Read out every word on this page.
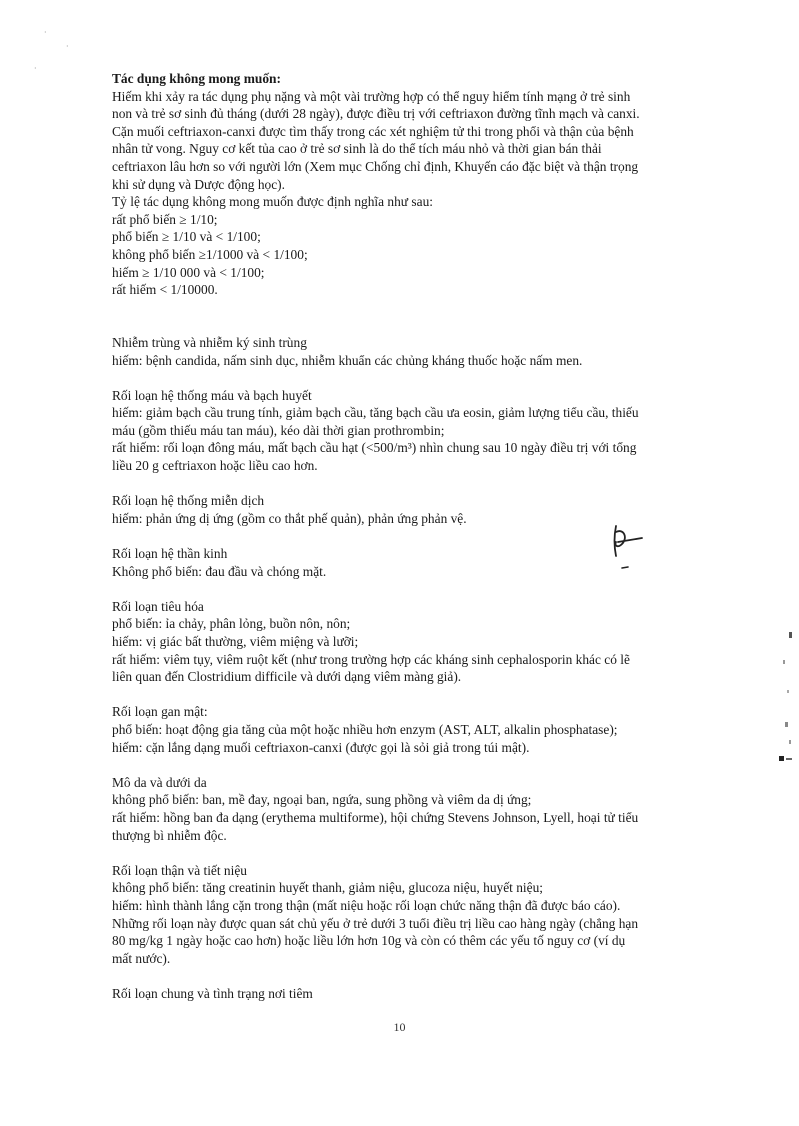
·
·
·
Tác dụng không mong muốn:
Hiếm khi xảy ra tác dụng phụ nặng và một vài trường hợp có thể nguy hiểm tính mạng ở trẻ sinh
non và trẻ sơ sinh đủ tháng (dưới 28 ngày), được điều trị với ceftriaxon đường tĩnh mạch và canxi.
Cặn muối ceftriaxon-canxi được tìm thấy trong các xét nghiệm tử thi trong phổi và thận của bệnh
nhân tử vong. Nguy cơ kết tủa cao ở trẻ sơ sinh là do thể tích máu nhỏ và thời gian bán thải
ceftriaxon lâu hơn so với người lớn (Xem mục Chống chỉ định, Khuyến cáo đặc biệt và thận trọng
khi sử dụng và Dược động học).
Tỷ lệ tác dụng không mong muốn được định nghĩa như sau:
rất phổ biến ≥ 1/10;
phổ biến ≥ 1/10 và < 1/100;
không phổ biến ≥1/1000 và < 1/100;
hiếm ≥ 1/10 000 và < 1/100;
rất hiếm < 1/10000.
Nhiễm trùng và nhiễm ký sinh trùng
hiếm: bệnh candida, nấm sinh dục, nhiễm khuẩn các chủng kháng thuốc hoặc nấm men.
Rối loạn hệ thống máu và bạch huyết
hiếm: giảm bạch cầu trung tính, giảm bạch cầu, tăng bạch cầu ưa eosin, giảm lượng tiểu cầu, thiếu
máu (gồm thiếu máu tan máu), kéo dài thời gian prothrombin;
rất hiếm: rối loạn đông máu, mất bạch cầu hạt (<500/m³) nhìn chung sau 10 ngày điều trị với tổng
liều 20 g ceftriaxon hoặc liều cao hơn.
Rối loạn hệ thống miễn dịch
hiếm: phản ứng dị ứng (gồm co thắt phế quản), phản ứng phản vệ.
Rối loạn hệ thần kinh
Không phổ biến: đau đầu và chóng mặt.
Rối loạn tiêu hóa
phổ biến: ỉa chảy, phân lỏng, buồn nôn, nôn;
hiếm: vị giác bất thường, viêm miệng và lưỡi;
rất hiếm: viêm tụy, viêm ruột kết (như trong trường hợp các kháng sinh cephalosporin khác có lẽ
liên quan đến Clostridium difficile và dưới dạng viêm màng giả).
Rối loạn gan mật:
phổ biến: hoạt động gia tăng của một hoặc nhiều hơn enzym (AST, ALT, alkalin phosphatase);
hiếm: cặn lắng dạng muối ceftriaxon-canxi (được gọi là sỏi giả trong túi mật).
Mô da và dưới da
không phổ biến: ban, mề đay, ngoại ban, ngứa, sung phồng và viêm da dị ứng;
rất hiếm: hồng ban đa dạng (erythema multiforme), hội chứng Stevens Johnson, Lyell, hoại tử tiểu
thượng bì nhiễm độc.
Rối loạn thận và tiết niệu
không phổ biến: tăng creatinin huyết thanh, giảm niệu, glucoza niệu, huyết niệu;
hiếm: hình thành lắng cặn trong thận (mất niệu hoặc rối loạn chức năng thận đã được báo cáo).
Những rối loạn này được quan sát chủ yếu ở trẻ dưới 3 tuổi điều trị liều cao hàng ngày (chẳng hạn
80 mg/kg 1 ngày hoặc cao hơn) hoặc liều lớn hơn 10g và còn có thêm các yếu tố nguy cơ (ví dụ
mất nước).
Rối loạn chung và tình trạng nơi tiêm
10
